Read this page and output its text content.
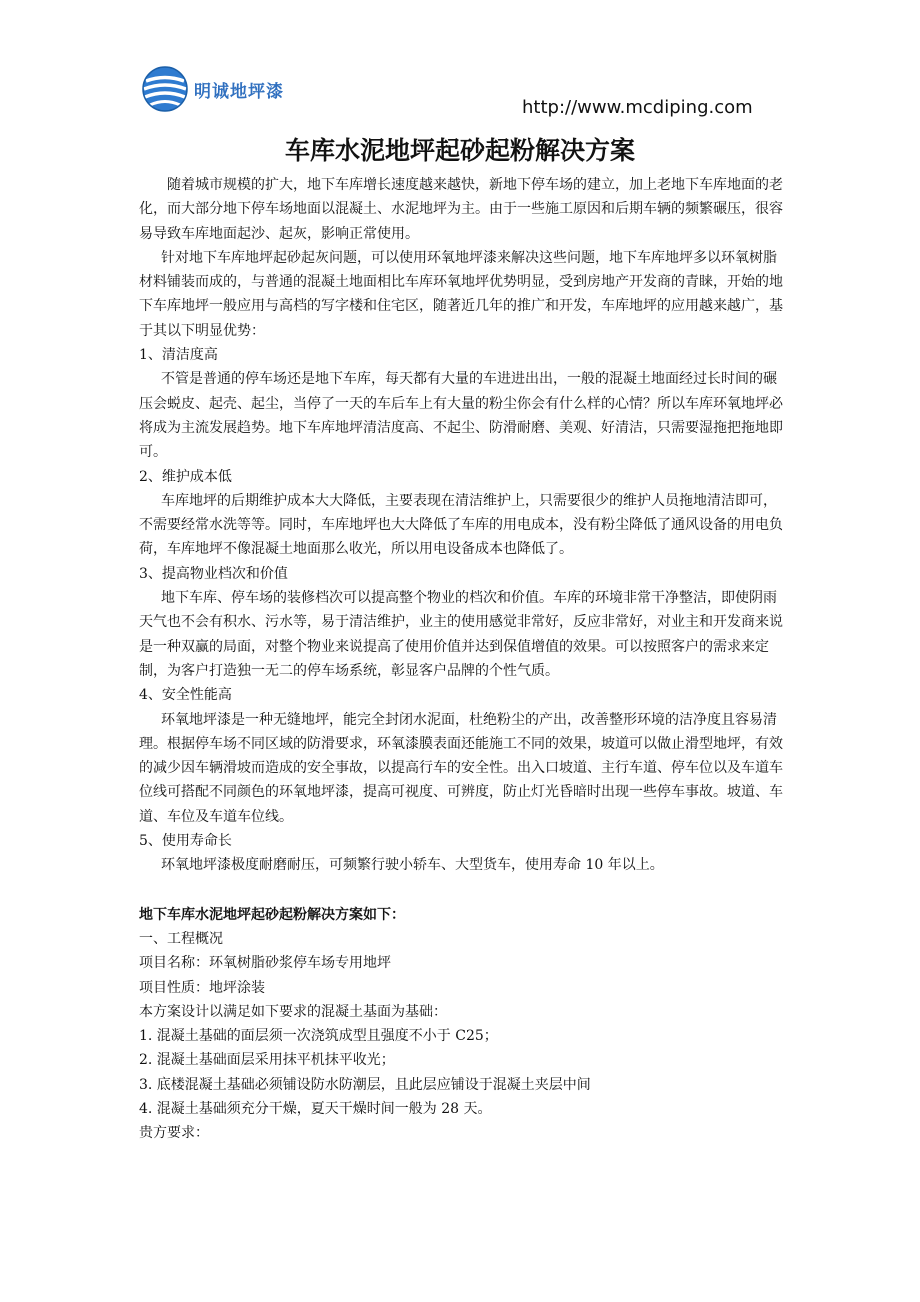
明诚地坪漆
http://www.mcdiping.com
车库水泥地坪起砂起粉解决方案

随着城市规模的扩大，地下车库增长速度越来越快，新地下停车场的建立，加上老地下车库地面的老化，而大部分地下停车场地面以混凝土、水泥地坪为主。由于一些施工原因和后期车辆的频繁碾压，很容易导致车库地面起沙、起灰，影响正常使用。

针对地下车库地坪起砂起灰问题，可以使用环氧地坪漆来解决这些问题，地下车库地坪多以环氧树脂材料铺装而成的，与普通的混凝土地面相比车库环氧地坪优势明显，受到房地产开发商的青睐，开始的地下车库地坪一般应用与高档的写字楼和住宅区，随著近几年的推广和开发，车库地坪的应用越来越广，基于其以下明显优势：

1、清洁度高

不管是普通的停车场还是地下车库，每天都有大量的车进进出出，一般的混凝土地面经过长时间的碾压会蜕皮、起壳、起尘，当停了一天的车后车上有大量的粉尘你会有什么样的心情？所以车库环氧地坪必将成为主流发展趋势。地下车库地坪清洁度高、不起尘、防滑耐磨、美观、好清洁，只需要湿拖把拖地即可。

2、维护成本低

车库地坪的后期维护成本大大降低，主要表现在清洁维护上，只需要很少的维护人员拖地清洁即可，不需要经常水洗等等。同时，车库地坪也大大降低了车库的用电成本，没有粉尘降低了通风设备的用电负荷，车库地坪不像混凝土地面那么收光，所以用电设备成本也降低了。

3、提高物业档次和价值

地下车库、停车场的装修档次可以提高整个物业的档次和价值。车库的环境非常干净整洁，即使阴雨天气也不会有积水、污水等，易于清洁维护，业主的使用感觉非常好，反应非常好，对业主和开发商来说是一种双赢的局面，对整个物业来说提高了使用价值并达到保值增值的效果。可以按照客户的需求来定制，为客户打造独一无二的停车场系统，彰显客户品牌的个性气质。

4、安全性能高

环氧地坪漆是一种无缝地坪，能完全封闭水泥面，杜绝粉尘的产出，改善整形环境的洁净度且容易清理。根据停车场不同区域的防滑要求，环氧漆膜表面还能施工不同的效果，坡道可以做止滑型地坪，有效的减少因车辆滑坡而造成的安全事故，以提高行车的安全性。出入口坡道、主行车道、停车位以及车道车位线可搭配不同颜色的环氧地坪漆，提高可视度、可辨度，防止灯光昏暗时出现一些停车事故。坡道、车道、车位及车道车位线。

5、使用寿命长

环氧地坪漆极度耐磨耐压，可频繁行驶小轿车、大型货车，使用寿命 10 年以上。

地下车库水泥地坪起砂起粉解决方案如下：

一、工程概况

项目名称：环氧树脂砂浆停车场专用地坪

项目性质：地坪涂装

本方案设计以满足如下要求的混凝土基面为基础：

1. 混凝土基础的面层须一次浇筑成型且强度不小于 C25；

2. 混凝土基础面层采用抹平机抹平收光；

3. 底楼混凝土基础必须铺设防水防潮层，且此层应铺设于混凝土夹层中间

4. 混凝土基础须充分干燥，夏天干燥时间一般为 28 天。

贵方要求：
